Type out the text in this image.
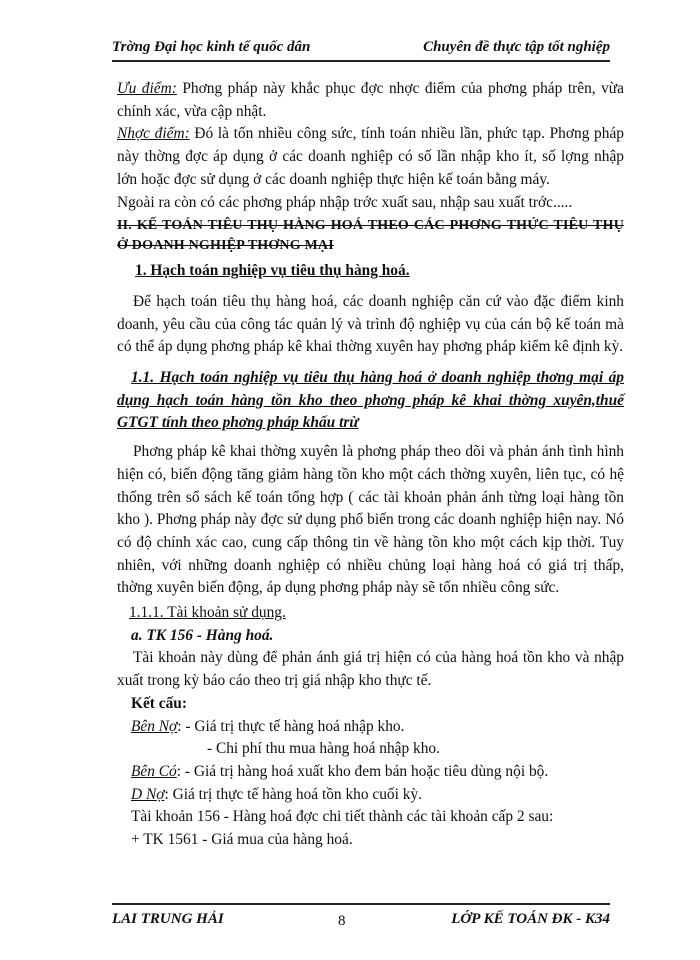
Trờng Đại học kinh tế quốc dân	Chuyên đề thực tập tốt nghiệp

Ưu điểm: Phơng pháp này khắc phục đợc nhợc điểm của phơng pháp trên, vừa chính xác, vừa cập nhật.

Nhợc điểm: Đó là tốn nhiều công sức, tính toán nhiều lần, phức tạp. Phơng pháp này thờng đợc áp dụng ở các doanh nghiệp có số lần nhập kho ít, số lợng nhập lớn hoặc đợc sử dụng ở các doanh nghiệp thực hiện kế toán bằng máy.

Ngoài ra còn có các phơng pháp nhập trớc xuất sau, nhập sau xuất trớc.....

II. KẾ TOÁN TIÊU THỤ HÀNG HOÁ THEO CÁC PHƠNG THỨC TIÊU THỤ Ở DOANH NGHIỆP THƠNG MẠI

1. Hạch toán nghiệp vụ tiêu thụ hàng hoá.

Để hạch toán tiêu thụ hàng hoá, các doanh nghiệp căn cứ vào đặc điểm kinh doanh, yêu cầu của công tác quản lý và trình độ nghiệp vụ của cán bộ kế toán mà có thể áp dụng phơng pháp kê khai thờng xuyên hay phơng pháp kiểm kê định kỳ.

1.1. Hạch toán nghiệp vụ tiêu thụ hàng hoá ở doanh nghiệp thơng mại áp dụng hạch toán hàng tồn kho theo phơng pháp kê khai thờng xuyên,thuế GTGT tính theo phơng pháp khấu trừ

Phơng pháp kê khai thờng xuyên là phơng pháp theo dõi và phản ánh tình hình hiện có, biến động tăng giảm hàng tồn kho một cách thờng xuyên, liên tục, có hệ thống trên sổ sách kế toán tổng hợp ( các tài khoản phản ánh từng loại hàng tồn kho ). Phơng pháp này đợc sử dụng phổ biến trong các doanh nghiệp hiện nay. Nó có độ chính xác cao, cung cấp thông tin về hàng tồn kho một cách kịp thời. Tuy nhiên, với những doanh nghiệp có nhiều chủng loại hàng hoá có giá trị thấp, thờng xuyên biến động, áp dụng phơng pháp này sẽ tốn nhiều công sức.

1.1.1. Tài khoản sử dụng.

a. TK 156 - Hàng hoá.

Tài khoản này dùng để phản ánh giá trị hiện có của hàng hoá tồn kho và nhập xuất trong kỳ báo cáo theo trị giá nhập kho thực tế.

Kết cấu:

Bên Nợ: - Giá trị thực tế hàng hoá nhập kho.

- Chi phí thu mua hàng hoá nhập kho.

Bên Có: - Giá trị hàng hoá xuất kho đem bán hoặc tiêu dùng nội bộ.

D Nợ: Giá trị thực tế hàng hoá tồn kho cuối kỳ.

Tài khoản 156 - Hàng hoá đợc chi tiết thành các tài khoản cấp 2 sau:

+ TK 1561 - Giá mua của hàng hoá.

LAI TRUNG HẢI	8	LỚP KẾ TOÁN ĐK - K34
